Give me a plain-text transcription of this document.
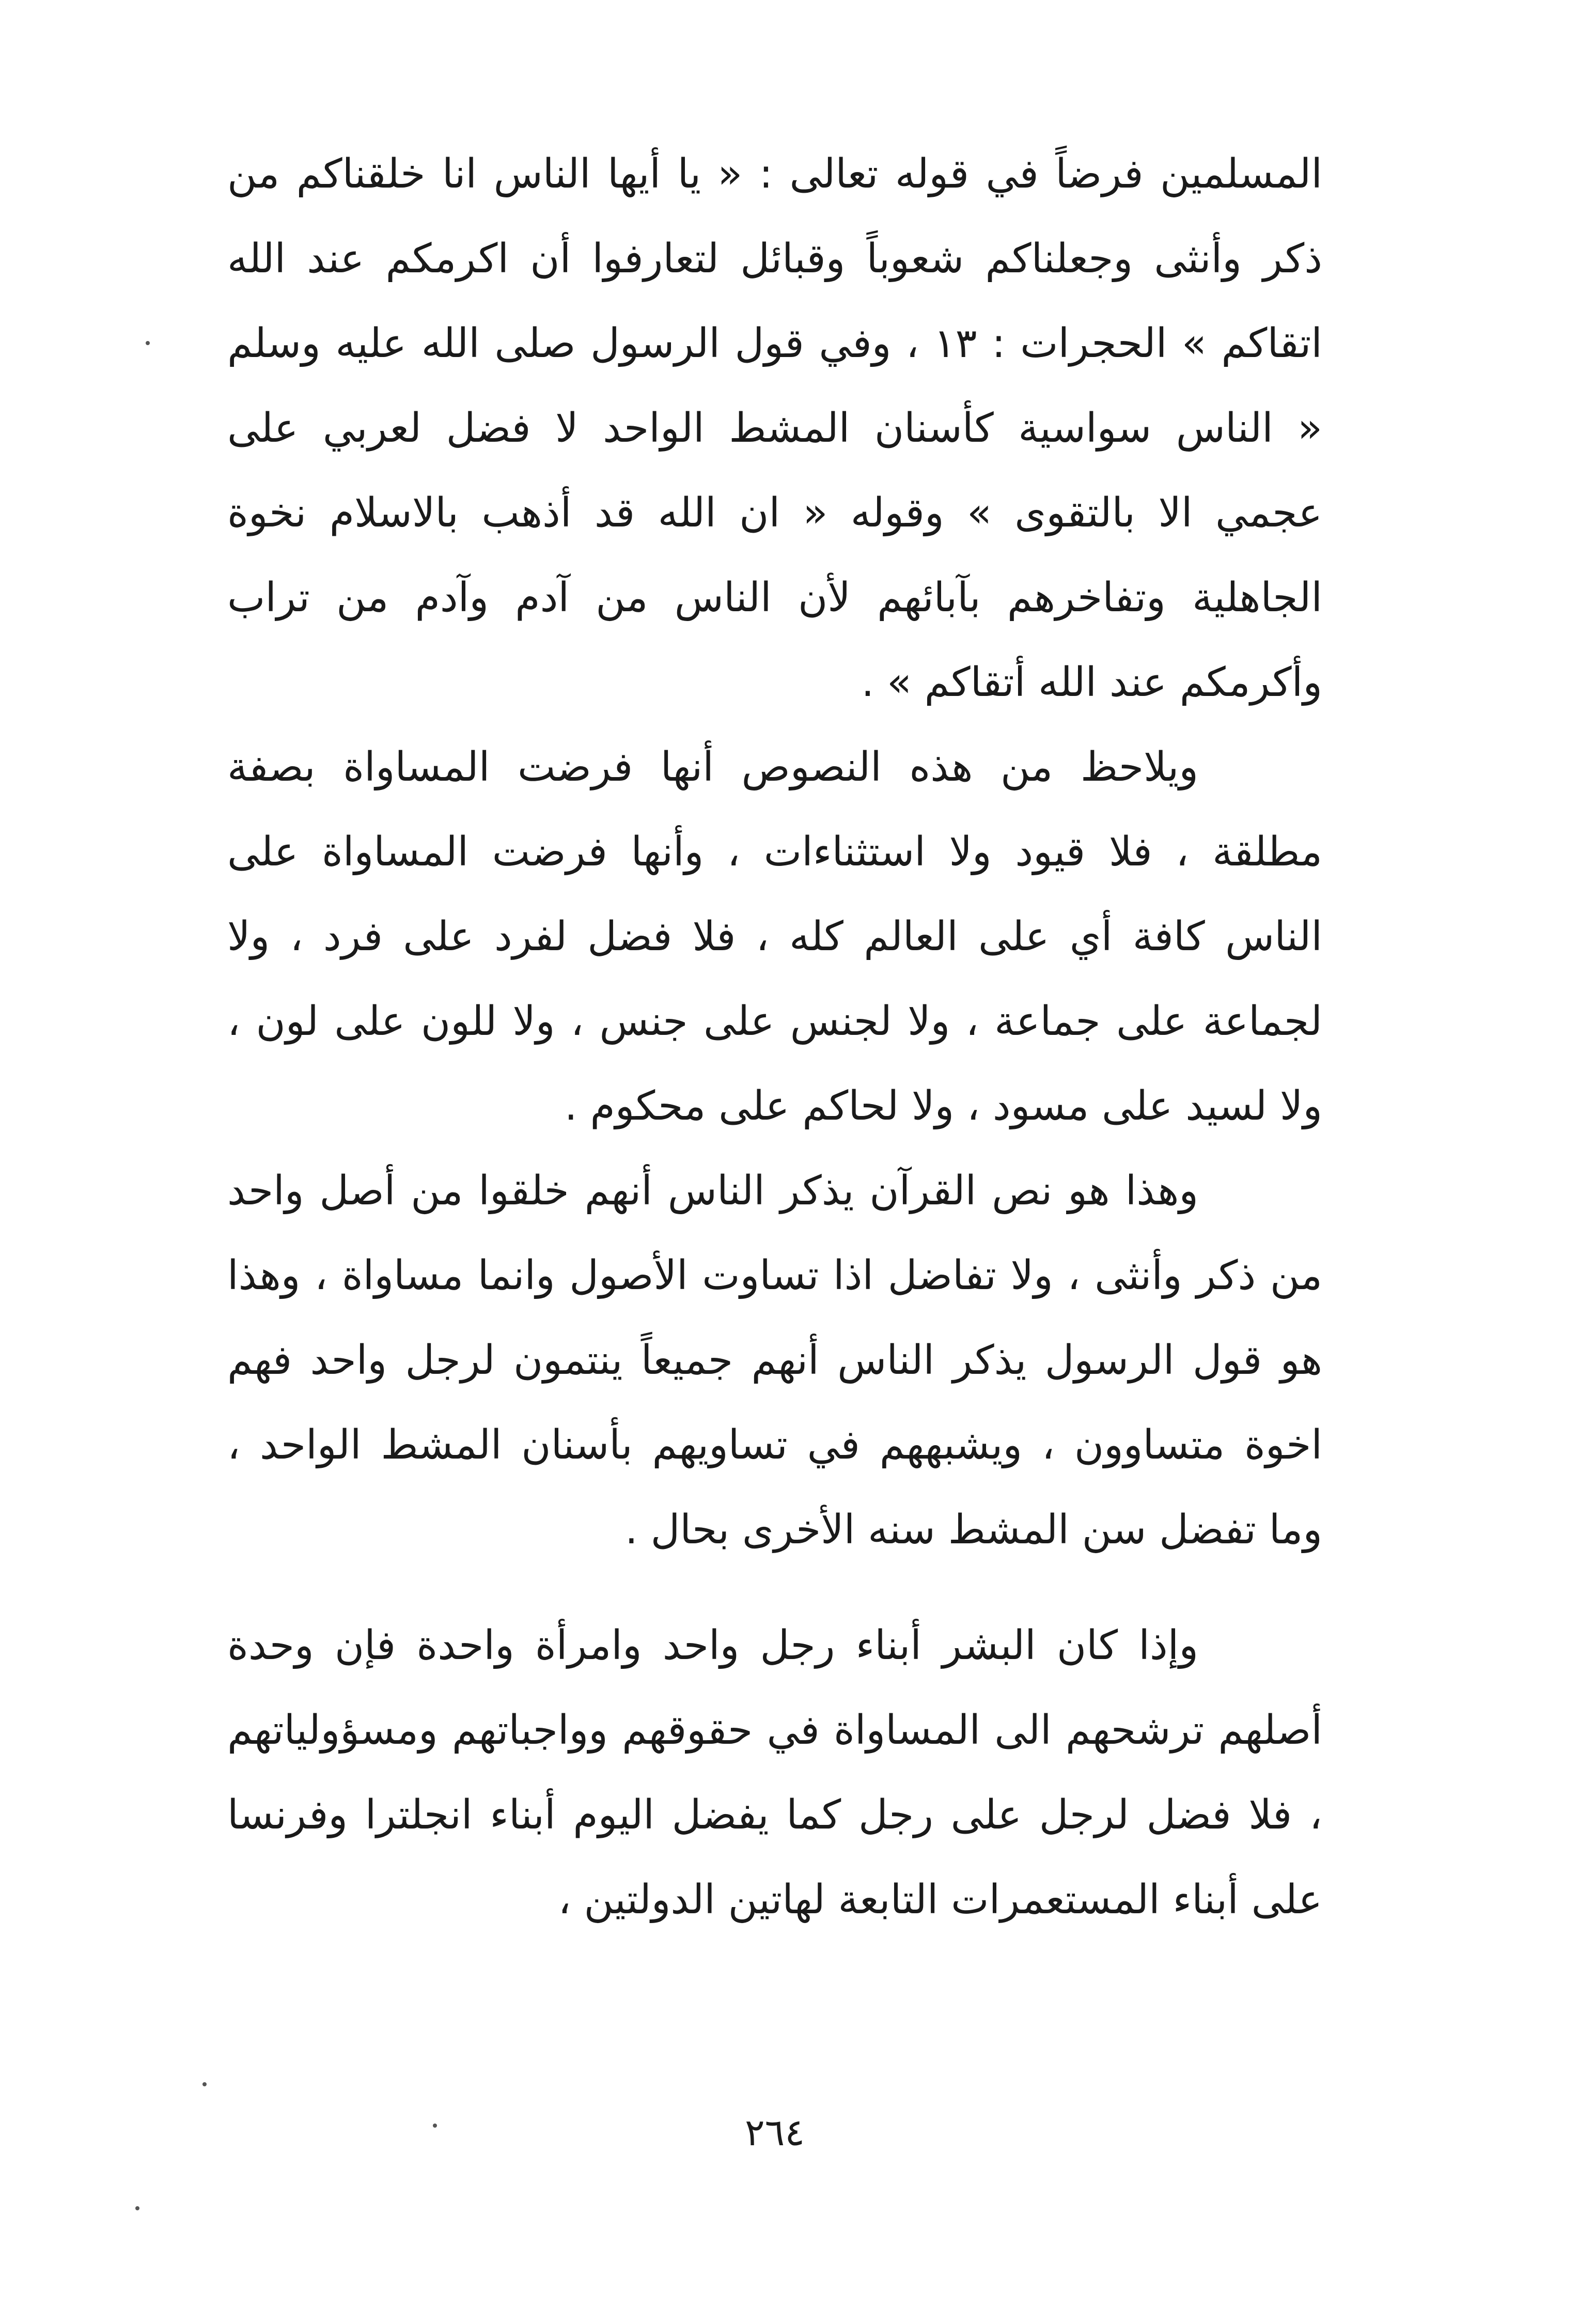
المسلمين فرضاً في قوله تعالى : « يا أيها الناس انا خلقناكم من ذكر وأنثى وجعلناكم شعوباً وقبائل لتعارفوا أن اكرمكم عند الله اتقاكم » الحجرات : ١٣ ، وفي قول الرسول صلى الله عليه وسلم « الناس سواسية كأسنان المشط الواحد لا فضل لعربي على عجمي الا بالتقوى » وقوله « ان الله قد أذهب بالاسلام نخوة الجاهلية وتفاخرهم بآبائهم لأن الناس من آدم وآدم من تراب وأكرمكم عند الله أتقاكم » .

ويلاحظ من هذه النصوص أنها فرضت المساواة بصفة مطلقة ، فلا قيود ولا استثناءات ، وأنها فرضت المساواة على الناس كافة أي على العالم كله ، فلا فضل لفرد على فرد ، ولا لجماعة على جماعة ، ولا لجنس على جنس ، ولا للون على لون ، ولا لسيد على مسود ، ولا لحاكم على محكوم .

وهذا هو نص القرآن يذكر الناس أنهم خلقوا من أصل واحد من ذكر وأنثى ، ولا تفاضل اذا تساوت الأصول وانما مساواة ، وهذا هو قول الرسول يذكر الناس أنهم جميعاً ينتمون لرجل واحد فهم اخوة متساوون ، ويشبههم في تساويهم بأسنان المشط الواحد ، وما تفضل سن المشط سنه الأخرى بحال .

وإذا كان البشر أبناء رجل واحد وامرأة واحدة فإن وحدة أصلهم ترشحهم الى المساواة في حقوقهم وواجباتهم ومسؤولياتهم ، فلا فضل لرجل على رجل كما يفضل اليوم أبناء انجلترا وفرنسا على أبناء المستعمرات التابعة لهاتين الدولتين ،

٢٦٤
